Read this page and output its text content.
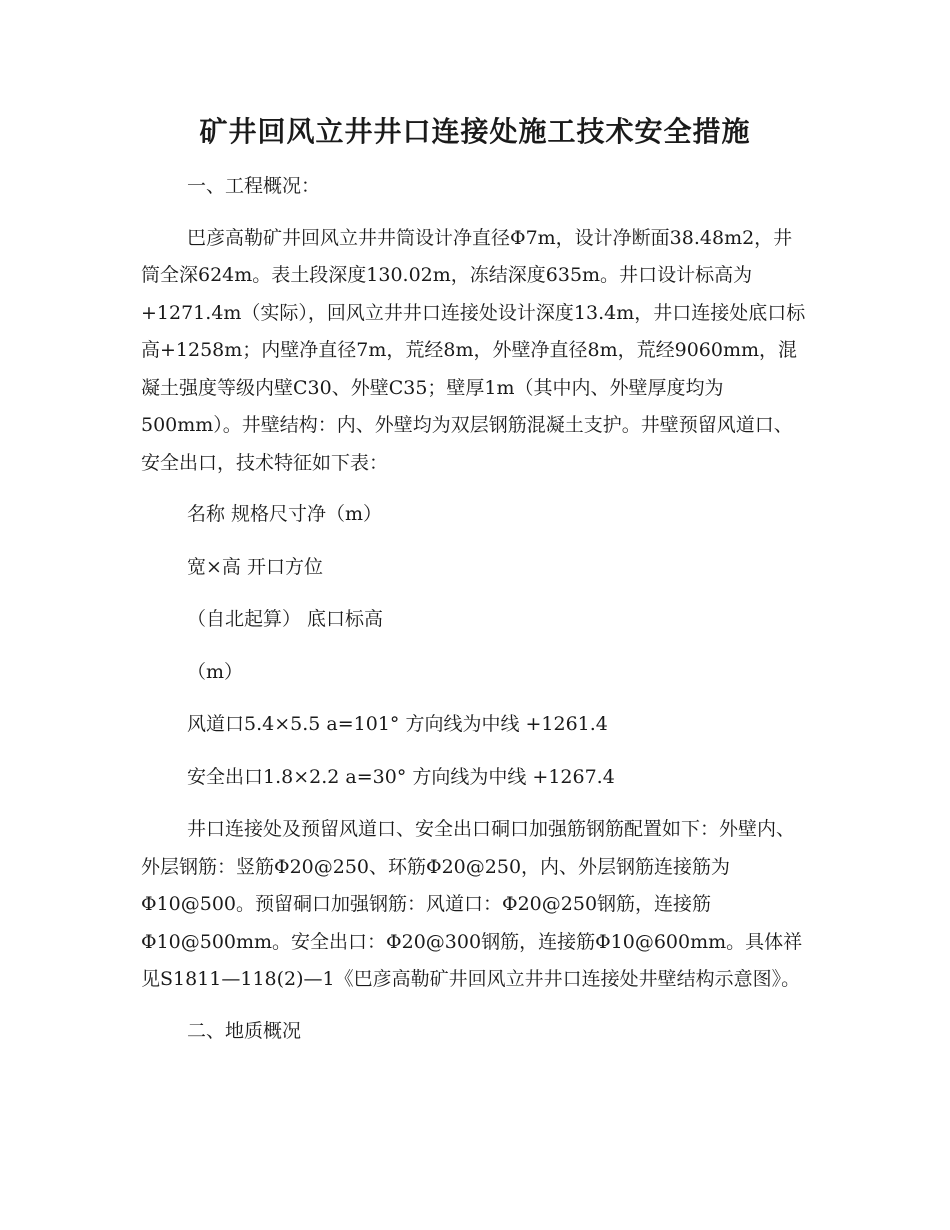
矿井回风立井井口连接处施工技术安全措施

一、工程概况：

巴彦高勒矿井回风立井井筒设计净直径Φ7m，设计净断面38.48m2，井筒全深624m。表土段深度130.02m，冻结深度635m。井口设计标高为+1271.4m（实际），回风立井井口连接处设计深度13.4m，井口连接处底口标高+1258m；内壁净直径7m，荒经8m，外壁净直径8m，荒经9060mm，混凝土强度等级内壁C30、外壁C35；壁厚1m（其中内、外壁厚度均为500mm）。井壁结构：内、外壁均为双层钢筋混凝土支护。井壁预留风道口、安全出口，技术特征如下表：

名称 规格尺寸净（m）

宽×高 开口方位

（自北起算） 底口标高

（m）

风道口5.4×5.5 a=101° 方向线为中线 +1261.4

安全出口1.8×2.2 a=30° 方向线为中线 +1267.4

井口连接处及预留风道口、安全出口硐口加强筋钢筋配置如下：外壁内、外层钢筋：竖筋Φ20@250、环筋Φ20@250，内、外层钢筋连接筋为Φ10@500。预留硐口加强钢筋：风道口：Φ20@250钢筋，连接筋Φ10@500mm。安全出口：Φ20@300钢筋，连接筋Φ10@600mm。具体祥见S1811—118(2)—1《巴彦高勒矿井回风立井井口连接处井壁结构示意图》。

二、地质概况
